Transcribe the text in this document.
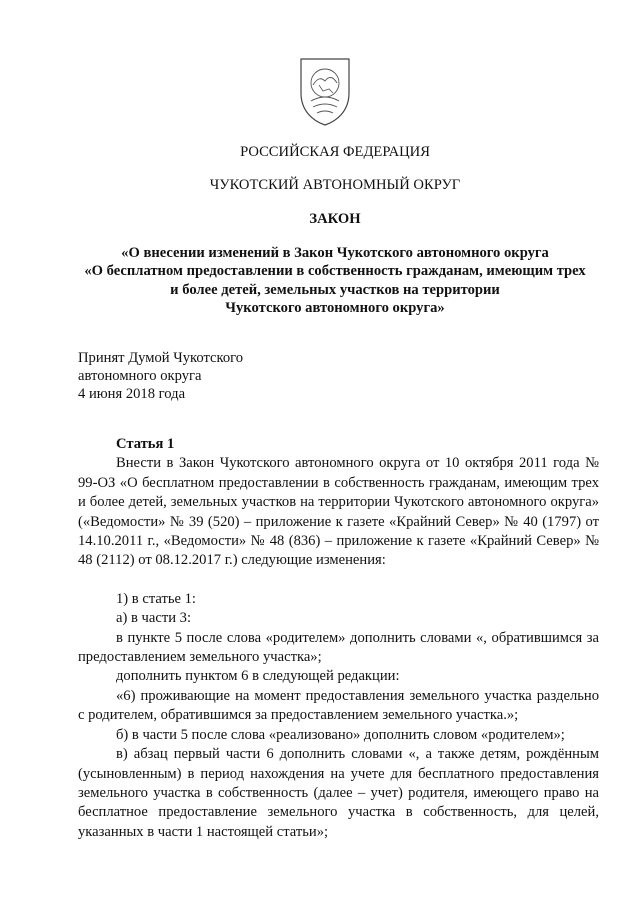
РОССИЙСКАЯ ФЕДЕРАЦИЯ
ЧУКОТСКИЙ АВТОНОМНЫЙ ОКРУГ
ЗАКОН
«О внесении изменений в Закон Чукотского автономного округа
«О бесплатном предоставлении в собственность гражданам, имеющим трех
и более детей, земельных участков на территории
Чукотского автономного округа»
Принят Думой Чукотского
автономного округа
4 июня 2018 года

Статья 1

Внести в Закон Чукотского автономного округа от 10 октября 2011 года № 99-ОЗ «О бесплатном предоставлении в собственность гражданам, имеющим трех и более детей, земельных участков на территории Чукотского автономного округа» («Ведомости» № 39 (520) – приложение к газете «Крайний Север» № 40 (1797) от 14.10.2011 г., «Ведомости» № 48 (836) – приложение к газете «Крайний Север» № 48 (2112) от 08.12.2017 г.) следующие изменения:

1) в статье 1:

а) в части 3:

в пункте 5 после слова «родителем» дополнить словами «, обратившимся за предоставлением земельного участка»;

дополнить пунктом 6 в следующей редакции:

«6) проживающие на момент предоставления земельного участка раздельно с родителем, обратившимся за предоставлением земельного участка.»;

б) в части 5 после слова «реализовано» дополнить словом «родителем»;

в) абзац первый части 6 дополнить словами «, а также детям, рождённым (усыновленным) в период нахождения на учете для бесплатного предоставления земельного участка в собственность (далее – учет) родителя, имеющего право на бесплатное предоставление земельного участка в собственность, для целей, указанных в части 1 настоящей статьи»;
